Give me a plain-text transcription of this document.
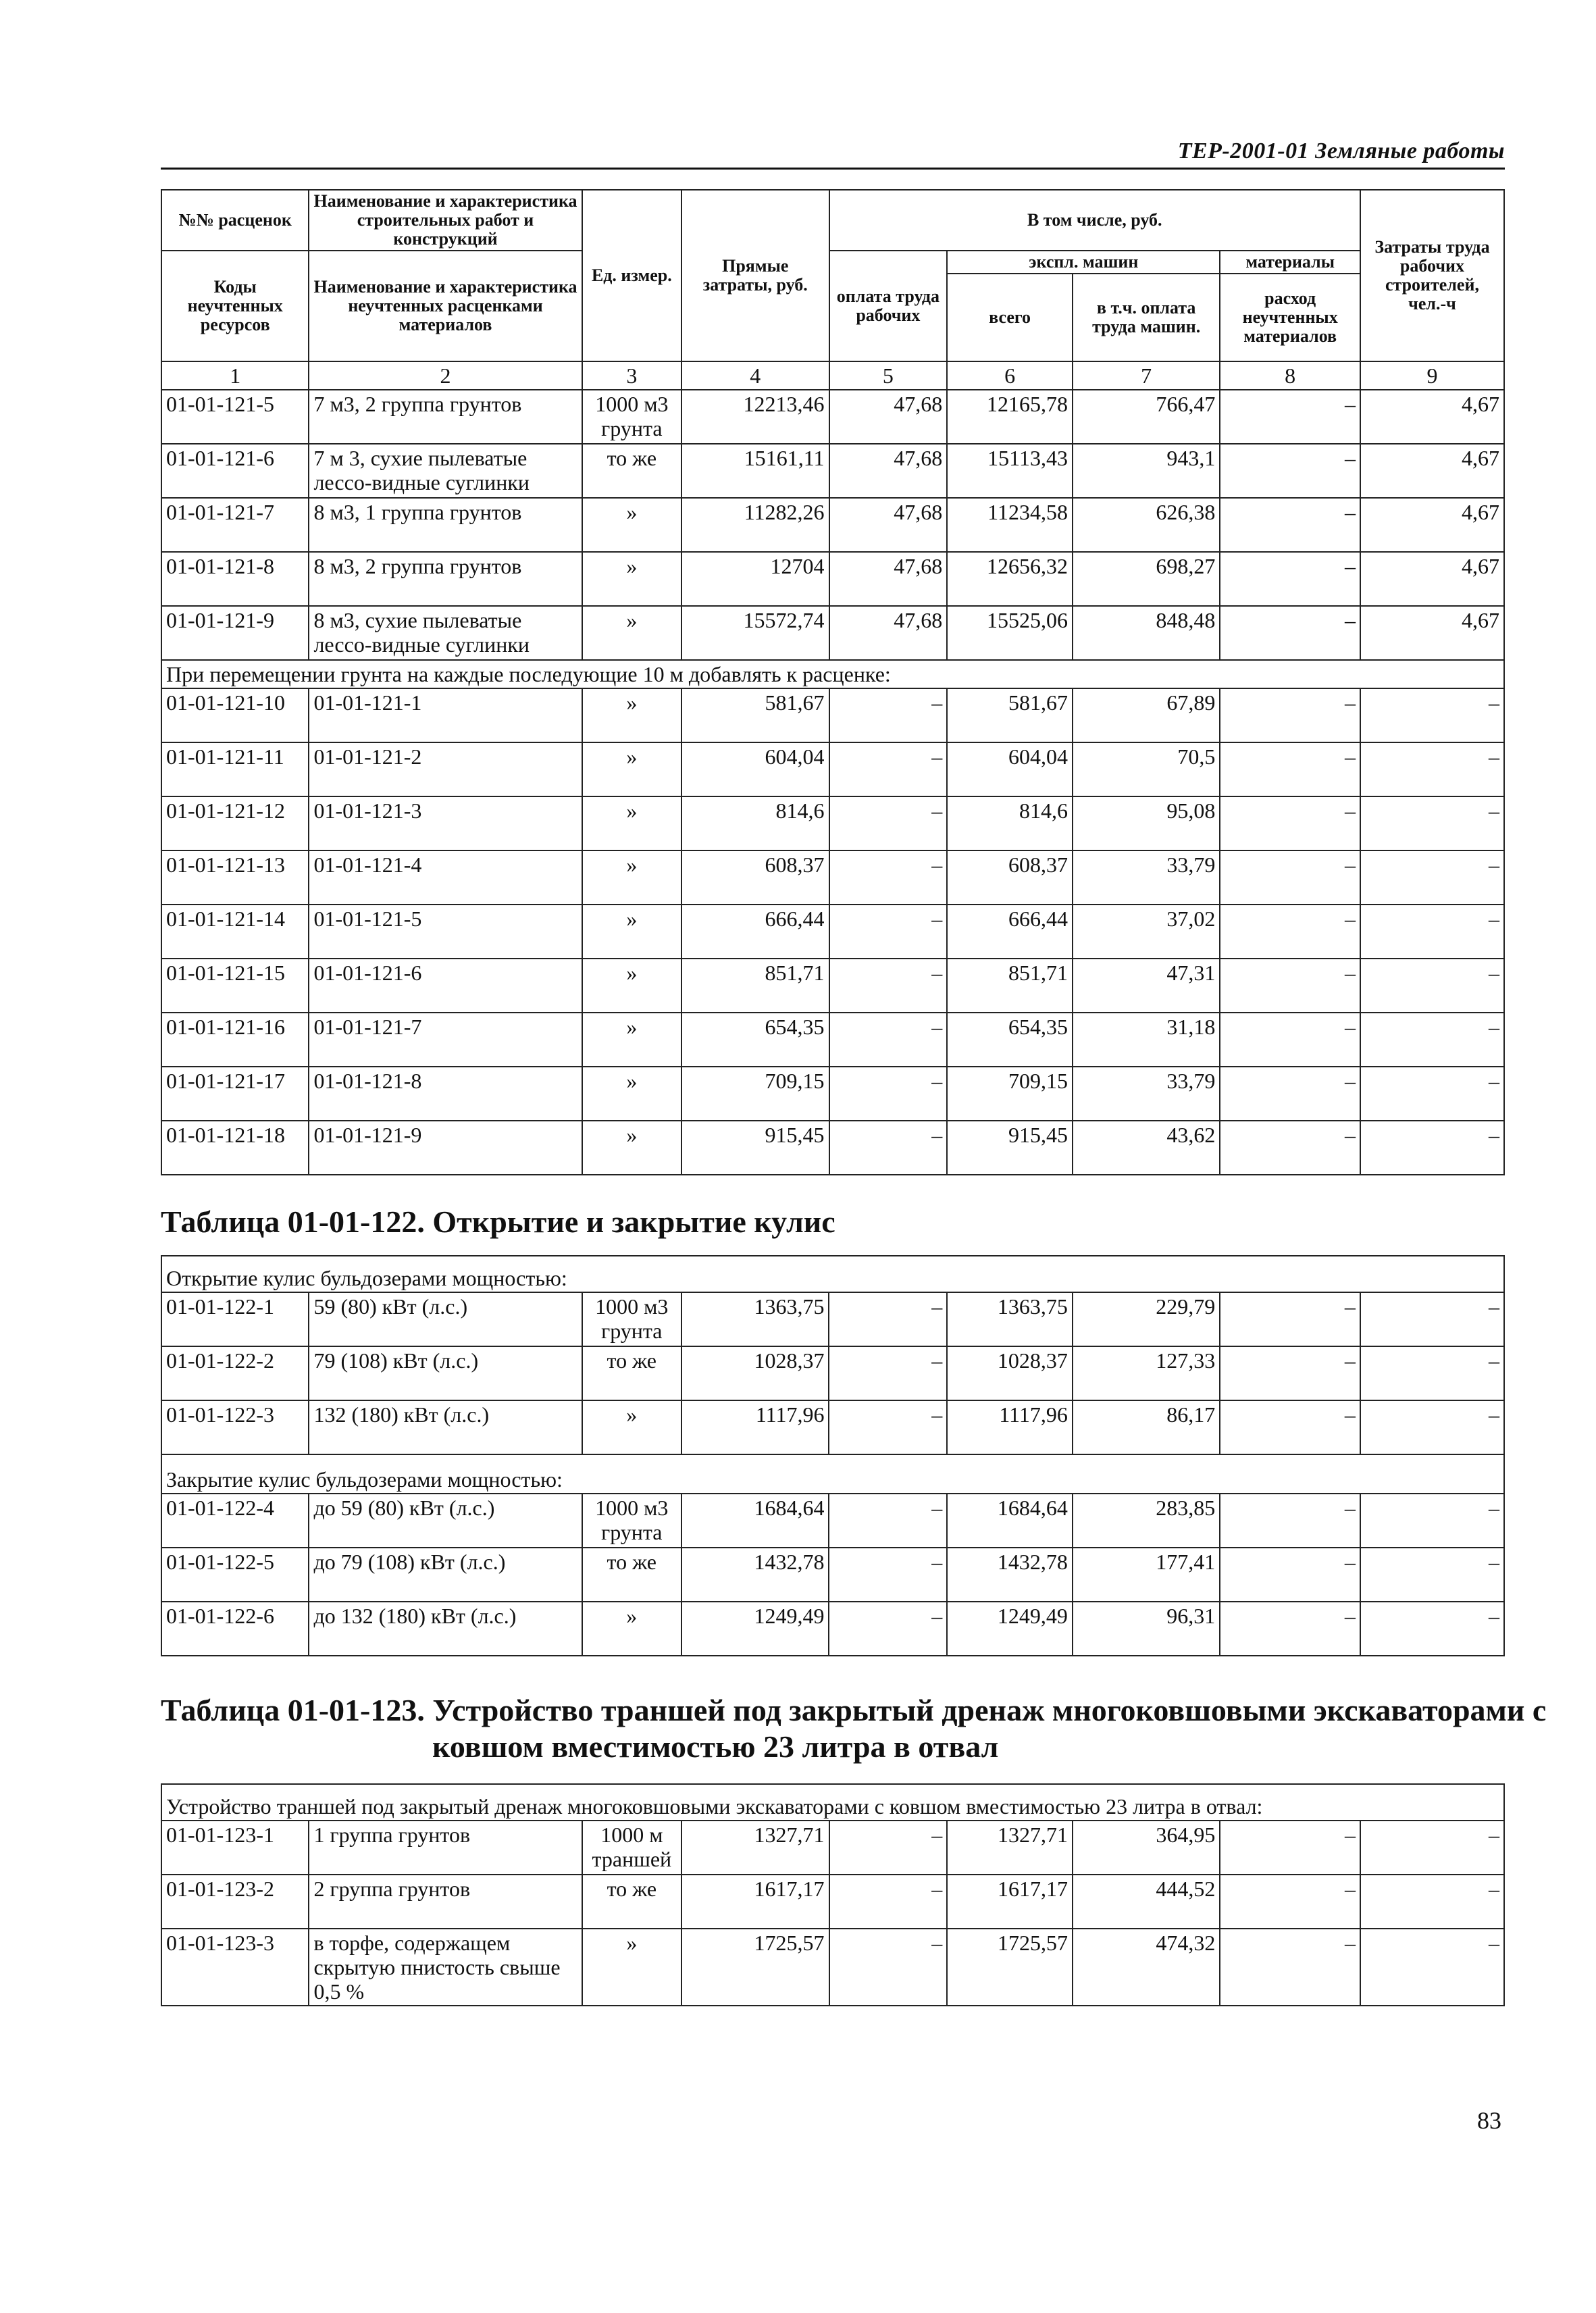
ТЕР-2001-01 Земляные работы
№№ расценок	Наименование и характеристика строительных работ и конструкций	Ед. измер.	Прямые затраты, руб.	В том числе, руб.				Затраты труда рабочих строителей, чел.-ч
Коды неучтенных ресурсов	Наименование и характеристика неучтенных расценками материалов			оплата труда рабочих	экспл. машин		материалы	
					всего	в т.ч. оплата труда машин.	расход неучтенных материалов	
1	2	3	4	5	6	7	8	9
01-01-121-5	7 м3, 2 группа грунтов	1000 м3 грунта	12213,46	47,68	12165,78	766,47	–	4,67
01-01-121-6	7 м 3, сухие пылеватые лессо-видные суглинки	то же	15161,11	47,68	15113,43	943,1	–	4,67
01-01-121-7	8 м3, 1 группа грунтов	»	11282,26	47,68	11234,58	626,38	–	4,67
01-01-121-8	8 м3, 2 группа грунтов	»	12704	47,68	12656,32	698,27	–	4,67
01-01-121-9	8 м3, сухие пылеватые лессо-видные суглинки	»	15572,74	47,68	15525,06	848,48	–	4,67
При перемещении грунта на каждые последующие 10 м добавлять к расценке:								
01-01-121-10	01-01-121-1	»	581,67	–	581,67	67,89	–	–
01-01-121-11	01-01-121-2	»	604,04	–	604,04	70,5	–	–
01-01-121-12	01-01-121-3	»	814,6	–	814,6	95,08	–	–
01-01-121-13	01-01-121-4	»	608,37	–	608,37	33,79	–	–
01-01-121-14	01-01-121-5	»	666,44	–	666,44	37,02	–	–
01-01-121-15	01-01-121-6	»	851,71	–	851,71	47,31	–	–
01-01-121-16	01-01-121-7	»	654,35	–	654,35	31,18	–	–
01-01-121-17	01-01-121-8	»	709,15	–	709,15	33,79	–	–
01-01-121-18	01-01-121-9	»	915,45	–	915,45	43,62	–	–
Таблица 01-01-122. Открытие и закрытие кулис
Открытие кулис бульдозерами мощностью:								
01-01-122-1	59 (80) кВт (л.с.)	1000 м3 грунта	1363,75	–	1363,75	229,79	–	–
01-01-122-2	79 (108) кВт (л.с.)	то же	1028,37	–	1028,37	127,33	–	–
01-01-122-3	132 (180) кВт (л.с.)	»	1117,96	–	1117,96	86,17	–	–
Закрытие кулис бульдозерами мощностью:								
01-01-122-4	до 59 (80) кВт (л.с.)	1000 м3 грунта	1684,64	–	1684,64	283,85	–	–
01-01-122-5	до 79 (108) кВт (л.с.)	то же	1432,78	–	1432,78	177,41	–	–
01-01-122-6	до 132 (180) кВт (л.с.)	»	1249,49	–	1249,49	96,31	–	–
Таблица 01-01-123. Устройство траншей под закрытый дренаж многоковшовыми экскаваторами с
ковшом вместимостью 23 литра в отвал
Устройство траншей под закрытый дренаж многоковшовыми экскаваторами с ковшом вместимостью 23 литра в отвал:								
01-01-123-1	1 группа грунтов	1000 м траншей	1327,71	–	1327,71	364,95	–	–
01-01-123-2	2 группа грунтов	то же	1617,17	–	1617,17	444,52	–	–
01-01-123-3	в торфе, содержащем скрытую пнистость свыше 0,5 %	»	1725,57	–	1725,57	474,32	–	–
83
